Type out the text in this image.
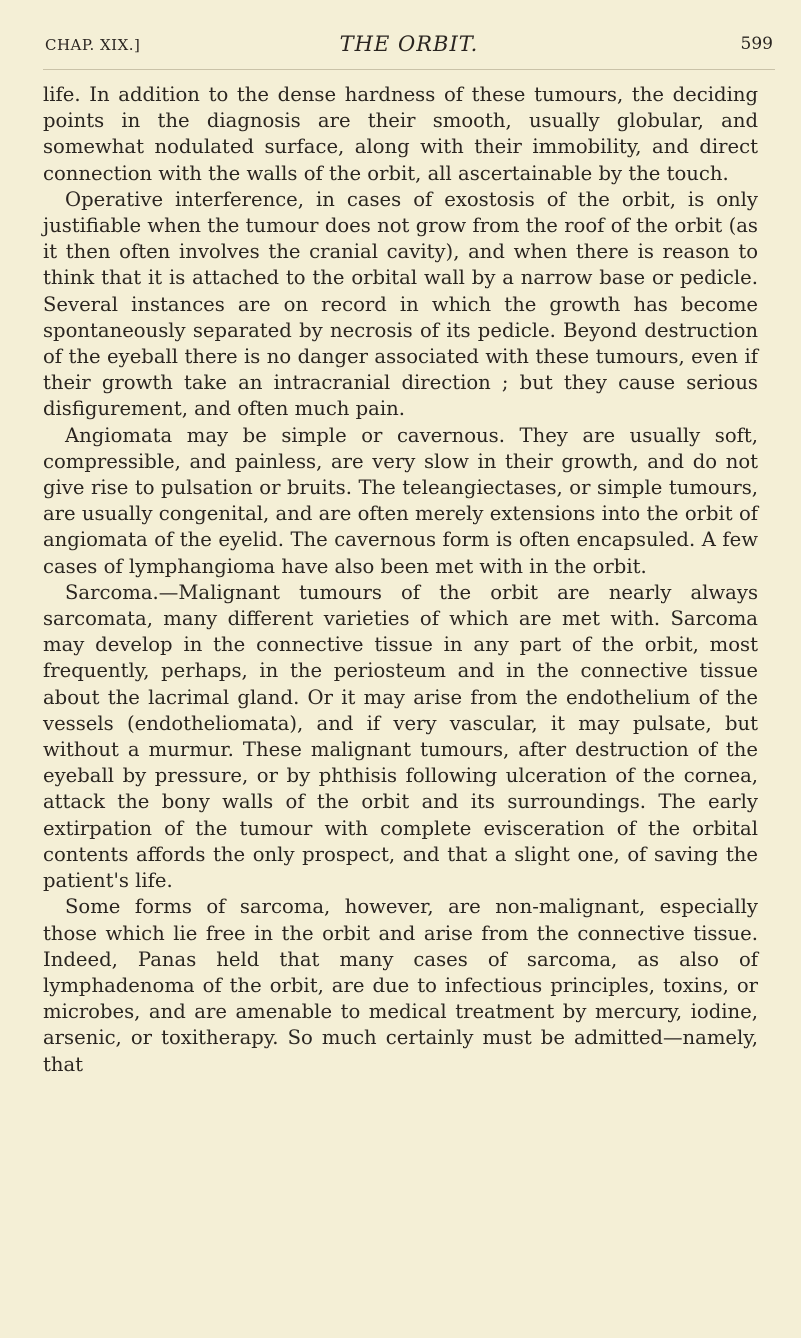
CHAP. XIX.]	THE ORBIT.	599

life. In addition to the dense hardness of these tumours, the deciding points in the diagnosis are their smooth, usually globular, and somewhat nodulated surface, along with their immobility, and direct connection with the walls of the orbit, all ascertainable by the touch.

Operative interference, in cases of exostosis of the orbit, is only justifiable when the tumour does not grow from the roof of the orbit (as it then often involves the cranial cavity), and when there is reason to think that it is attached to the orbital wall by a narrow base or pedicle. Several instances are on record in which the growth has become spontaneously separated by necrosis of its pedicle. Beyond destruction of the eyeball there is no danger associated with these tumours, even if their growth take an intracranial direction ; but they cause serious disfigurement, and often much pain.

Angiomata may be simple or cavernous. They are usually soft, compressible, and painless, are very slow in their growth, and do not give rise to pulsation or bruits. The teleangiectases, or simple tumours, are usually congenital, and are often merely extensions into the orbit of angiomata of the eyelid. The cavernous form is often encapsuled. A few cases of lymphangioma have also been met with in the orbit.

Sarcoma.—Malignant tumours of the orbit are nearly always sarcomata, many different varieties of which are met with. Sarcoma may develop in the connective tissue in any part of the orbit, most frequently, perhaps, in the periosteum and in the connective tissue about the lacrimal gland. Or it may arise from the endothelium of the vessels (endotheliomata), and if very vascular, it may pulsate, but without a murmur. These malignant tumours, after destruction of the eyeball by pressure, or by phthisis following ulceration of the cornea, attack the bony walls of the orbit and its surroundings. The early extirpation of the tumour with complete evisceration of the orbital contents affords the only prospect, and that a slight one, of saving the patient's life.

Some forms of sarcoma, however, are non-malignant, especially those which lie free in the orbit and arise from the connective tissue. Indeed, Panas held that many cases of sarcoma, as also of lymphadenoma of the orbit, are due to infectious principles, toxins, or microbes, and are amenable to medical treatment by mercury, iodine, arsenic, or toxitherapy. So much certainly must be admitted—namely, that
